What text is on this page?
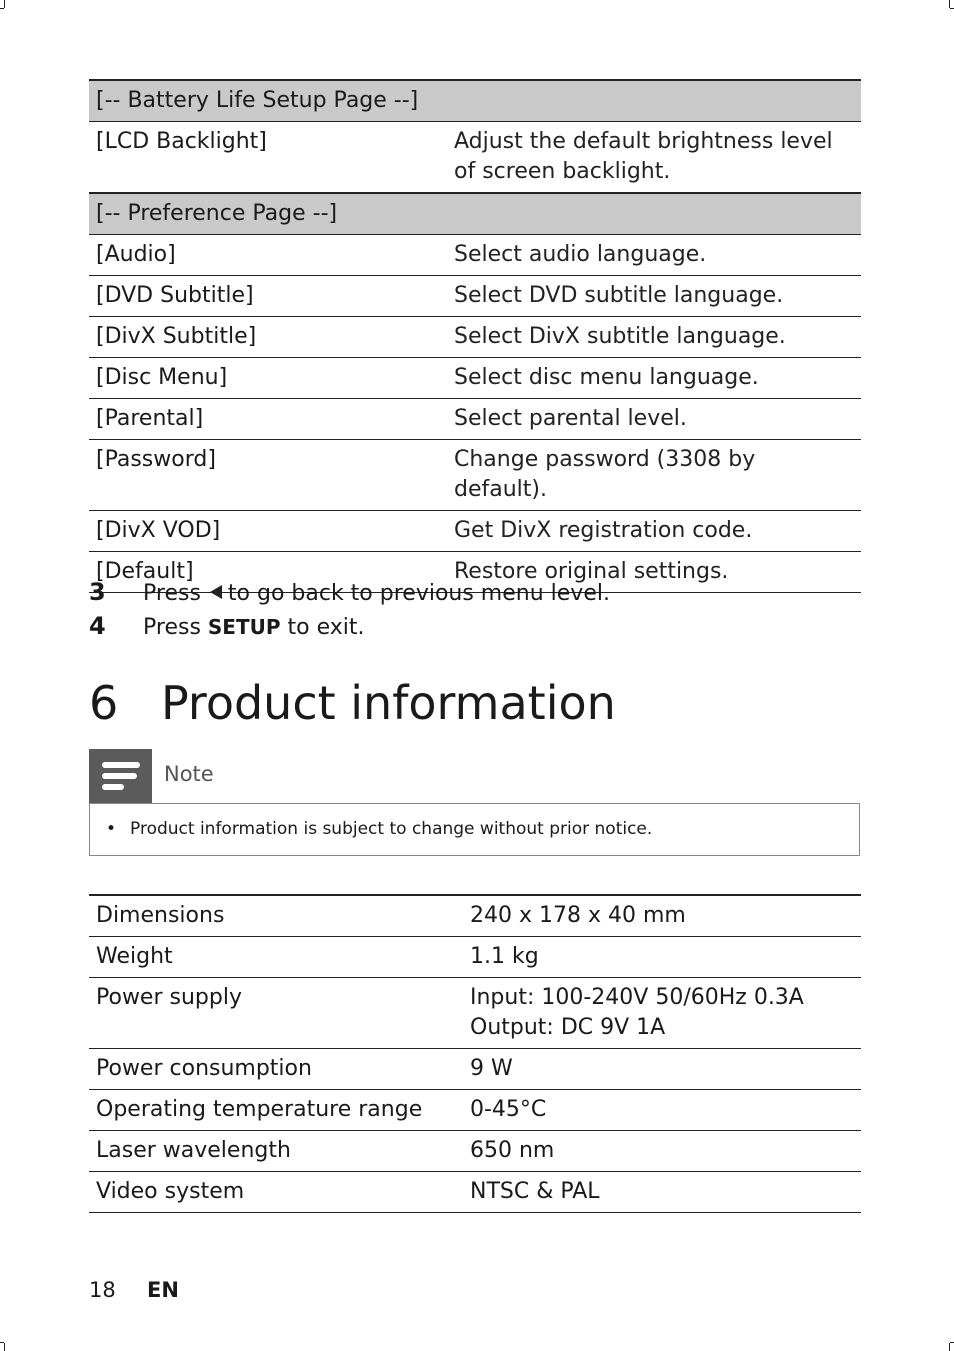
[-- Battery Life Setup Page --]	
[LCD Backlight]	Adjust the default brightness level of screen backlight.
[-- Preference Page --]	
[Audio]	Select audio language.
[DVD Subtitle]	Select DVD subtitle language.
[DivX Subtitle]	Select DivX subtitle language.
[Disc Menu]	Select disc menu language.
[Parental]	Select parental level.
[Password]	Change password (3308 by default).
[DivX VOD]	Get DivX registration code.
[Default]	Restore original settings.
3 Press to go back to previous menu level.
4 Press SETUP to exit.
6 Product information
Note
• Product information is subject to change without prior notice.
Dimensions	240 x 178 x 40 mm
Weight	1.1 kg
Power supply	Input: 100-240V 50/60Hz 0.3A
Output: DC 9V 1A

Power consumption	9 W
Operating temperature range	0-45°C
Laser wavelength	650 nm
Video system	NTSC & PAL
18 EN
